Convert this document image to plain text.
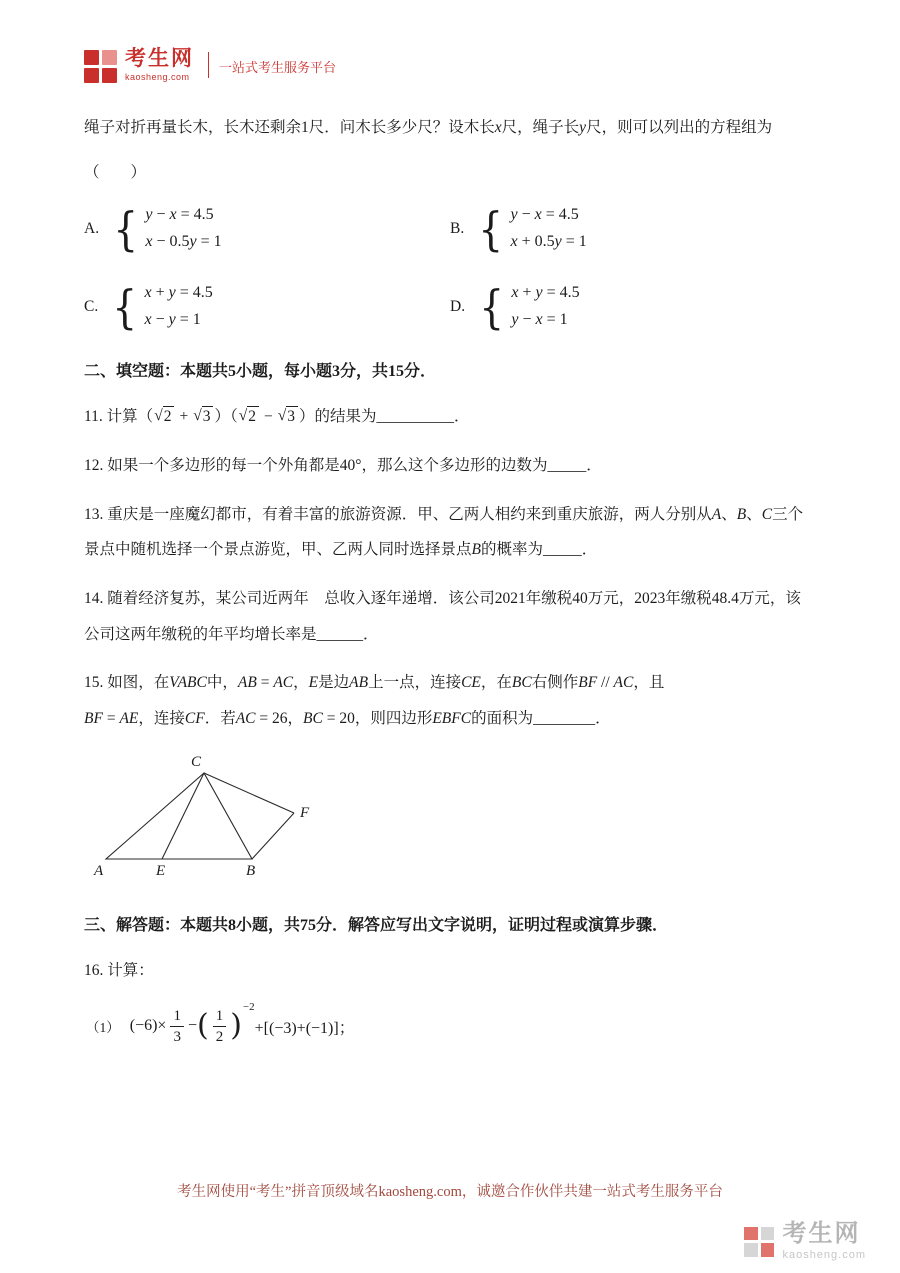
考生网
kaosheng.com
一站式考生服务平台

绳子对折再量长木，长木还剩余1尺．问木长多少尺？设木长x尺，绳子长y尺，则可以列出的方程组为

（　　）

A. { y − x = 4.5
x − 0.5y = 1
B. { y − x = 4.5
x + 0.5y = 1
C. { x + y = 4.5
x − y = 1
D. { x + y = 4.5
y − x = 1
二、填空题：本题共5小题，每小题3分，共15分．

11. 计算（√2 + √3 ）（√2 − √3 ）的结果为__________．

12. 如果一个多边形的每一个外角都是40°，那么这个多边形的边数为_____．

13. 重庆是一座魔幻都市，有着丰富的旅游资源．甲、乙两人相约来到重庆旅游，两人分别从A、B、C三个景点中随机选择一个景点游览，甲、乙两人同时选择景点B的概率为_____．

14. 随着经济复苏，某公司近两年　总收入逐年递增．该公司2021年缴税40万元，2023年缴税48.4万元，该公司这两年缴税的年平均增长率是______．

15. 如图，在VABC中，AB = AC，E是边AB上一点，连接CE，在BC右侧作BF // AC，且
BF = AE，连接CF．若AC = 26，BC = 20，则四边形EBFC的面积为________．

A	E	B
C
F
三、解答题：本题共8小题，共75分．解答应写出文字说明，证明过程或演算步骤．

16. 计算：

（1） $(-6)\times \frac{1}{3}$ − ( $\frac{1}{2}$ )
−2
+[(−3)+(−1)]；
考生网使用“考生”拼音顶级域名kaosheng.com，诚邀合作伙伴共建一站式考生服务平台
考生网
kaosheng.com
